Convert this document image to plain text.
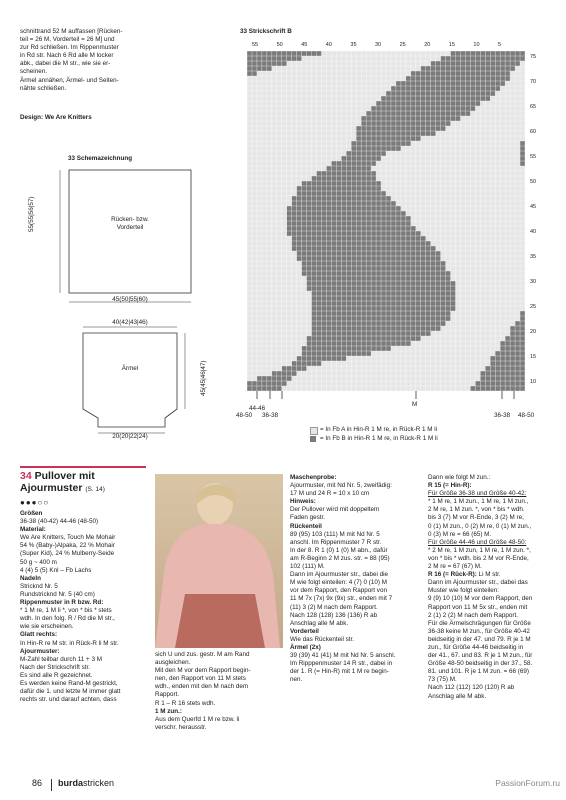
schnittrand 52 M auffassen [Rücken-

teil = 26 M, Vorderteil = 26 M] und

zur Rd schließen. Im Rippenmuster

in Rd str. Nach 6 Rd alle M locker

abk., dabei die M str., wie sie er-

scheinen.

Ärmel annähen, Ärmel- und Seiten-

nähte schließen.

Design: We Are Knitters
33 Schemazeichnung
Rücken- bzw. Vorderteil
55(55|56|57)
45(50|55|60)
40(42|43|46)
Ärmel	45(45|46|47)
20(20|22|24)
33 Strickschrift B
55	50	45	40	35	30	25	20	15	10	5
75
70
65
60
55
50
45
40
35
30
25
20
15
10
48-50
44-46
36-38
M
36-38 48-50
= In Fb A in Hin-R 1 M re, in Rück-R 1 M li
= In Fb B in Hin-R 1 M re, in Rück-R 1 M li
34 Pullover mit Ajourmuster (S. 14)
●●●○○

Größen

36-38 (40-42) 44-46 (48-50)

Material:

We Are Knitters, Touch Me Mohair

54 % (Baby-)Alpaka, 22 % Mohair

(Super Kid), 24 % Mulberry-Seide

50 g ~ 400 m

4 (4) 5 (5) Knl – Fb Lachs

Nadeln

Stricknd Nr. 5

Rundstricknd Nr. 5 (40 cm)

Rippenmuster in R bzw. Rd:

* 1 M re, 1 M li *, von * bis * stets

wdh. In den folg. R / Rd die M str.,

wie sie erscheinen.

Glatt rechts:

In Hin-R re M str. in Rück-R li M str.

Ajourmuster:

M-Zahl teilbar durch 11 + 3 M

Nach der Strickschrift str.

Es sind alle R gezeichnet.

Es werden keine Rand-M gestrickt,

dafür die 1. und letzte M immer glatt

rechts str. und darauf achten, dass

sich U und zus. gestr. M am Rand

ausgleichen.

Mit den M vor dem Rapport begin-

nen, den Rapport von 11 M stets

wdh., enden mit den M nach dem

Rapport.

R 1 – R 16 stets wdh.

1 M zun.:

Aus dem Querfd 1 M re bzw. li

verschr. herausstr.

Maschenprobe:

Ajourmuster, mit Nd Nr. 5, zweifädig:

17 M und 24 R = 10 x 10 cm

Hinweis:

Der Pullover wird mit doppeltem

Faden gestr.

Rückenteil

89 (95) 103 (111) M mit Nd Nr. 5

anschl. Im Rippenmuster 7 R str.

In der 8. R 1 (0) 1 (0) M abn., dafür

am R-Beginn 2 M zus. str. = 88 (95)

102 (111) M.

Dann im Ajourmuster str., dabei die

M wie folgt einteilen: 4 (7) 0 (10) M

vor dem Rapport, den Rapport von

11 M 7x (7x) 9x (9x) str., enden mit 7

(11) 3 (2) M nach dem Rapport.

Nach 128 (128) 136 (136) R ab

Anschlag alle M abk.

Vorderteil

Wie das Rückenteil str.

Ärmel (2x)

39 (39) 41 (41) M mit Nd Nr. 5 anschl.

Im Ripppenmuster 14 R str., dabei in

der 1. R (= Hin-R) mit 1 M re begin-

nen.

Dann wie folgt M zun.:

R 15 (= Hin-R):

Für Größe 36-38 und Größe 40-42:

* 1 M re, 1 M zun., 1 M re, 1 M zun.,

2 M re, 1 M zun. *, von * bis * wdh.

bis 3 (7) M vor R-Ende, 3 (2) M re,

0 (1) M zun., 0 (2) M re, 0 (1) M zun.,

0 (3) M re = 66 (65) M.

Für Größe 44-46 und Größe 48-50:

* 2 M re, 1 M zun, 1 M re, 1 M zun. *,

von * bis * wdh. bis 2 M vor R-Ende,

2 M re = 67 (67) M.

R 16 (= Rück-R): Li M str.

Dann im Ajourmuster str., dabei das

Muster wie folgt einteilen:

9 (9) 10 (10) M vor dem Rapport, den

Rapport von 11 M 5x str., enden mit

2 (1) 2 (2) M nach dem Rapport.

Für die Ärmelschrägungen für Größe

36-38 keine M zun., für Größe 40-42

beidseitig in der 47. und 79. R je 1 M

zun., für Größe 44-46 beidseitig in

der 41., 67. und 83. R je 1 M zun., für

Größe 48-50 beidseitig in der 37., 58.

81. und 101. R je 1 M zun. = 66 (69)

73 (75) M.

Nach 112 (112) 120 (120) R ab

Anschlag alle M abk.

86 burdastricken	PassionForum.ru
